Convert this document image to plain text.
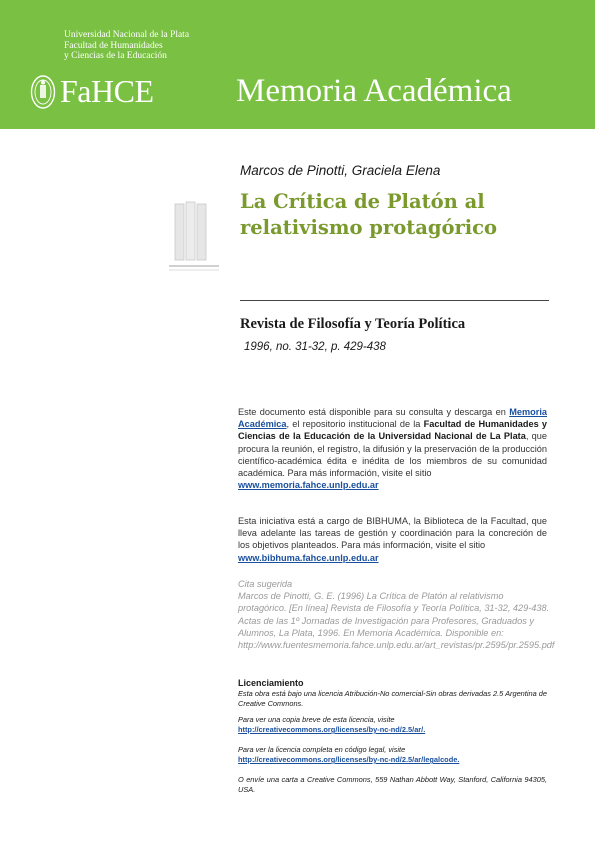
Universidad Nacional de la Plata
Facultad de Humanidades
y Ciencias de la Educación
FaHCE	Memoria Académica
Marcos de Pinotti, Graciela Elena
La Crítica de Platón al relativismo protagórico
Revista de Filosofía y Teoría Política
1996, no. 31-32, p. 429-438
Este documento está disponible para su consulta y descarga en Memoria Académica, el repositorio institucional de la Facultad de Humanidades y Ciencias de la Educación de la Universidad Nacional de La Plata, que procura la reunión, el registro, la difusión y la preservación de la producción científico-académica édita e inédita de los miembros de su comunidad académica. Para más información, visite el sitio
www.memoria.fahce.unlp.edu.ar
Esta iniciativa está a cargo de BIBHUMA, la Biblioteca de la Facultad, que lleva adelante las tareas de gestión y coordinación para la concreción de los objetivos planteados. Para más información, visite el sitio
www.bibhuma.fahce.unlp.edu.ar
Cita sugerida
Marcos de Pinotti, G. E. (1996) La Crítica de Platón al relativismo protagórico. [En línea] Revista de Filosofía y Teoría Política, 31-32, 429-438. Actas de las 1º Jornadas de Investigación para Profesores, Graduados y Alumnos, La Plata, 1996. En Memoria Académica. Disponible en: http://www.fuentesmemoria.fahce.unlp.edu.ar/art_revistas/pr.2595/pr.2595.pdf
Licenciamiento
Esta obra está bajo una licencia Atribución-No comercial-Sin obras derivadas 2.5 Argentina de Creative Commons.
Para ver una copia breve de esta licencia, visite
http://creativecommons.org/licenses/by-nc-nd/2.5/ar/.
Para ver la licencia completa en código legal, visite
http://creativecommons.org/licenses/by-nc-nd/2.5/ar/legalcode.
O envíe una carta a Creative Commons, 559 Nathan Abbott Way, Stanford, California 94305, USA.
